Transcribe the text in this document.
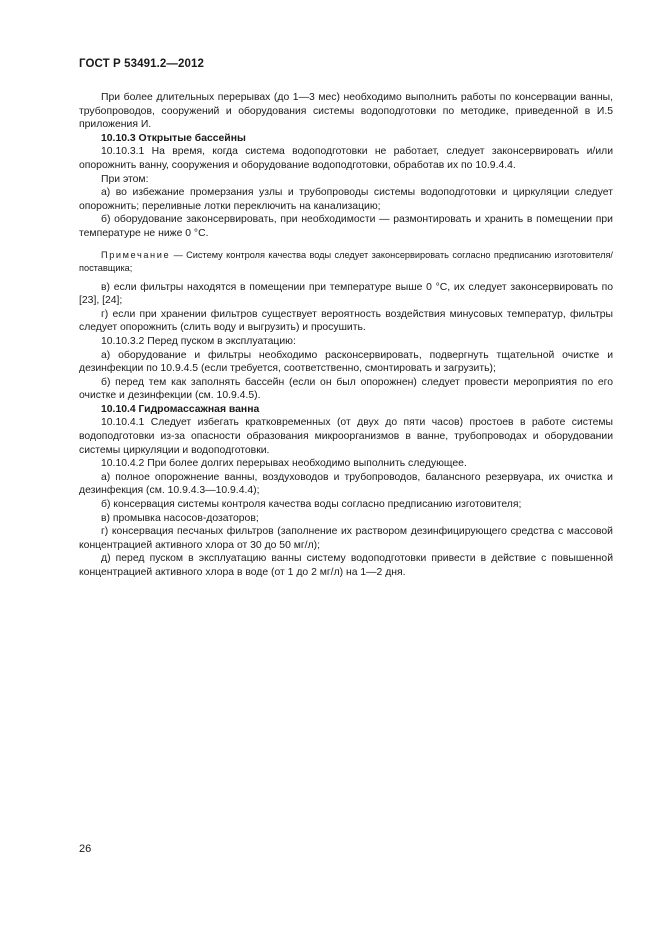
ГОСТ Р 53491.2—2012

При более длительных перерывах (до 1—3 мес) необходимо выполнить работы по консервации ванны, трубопроводов, сооружений и оборудования системы водоподготовки по методике, приведенной в И.5 приложения И.

10.10.3 Открытые бассейны

10.10.3.1 На время, когда система водоподготовки не работает, следует законсервировать и/или опорожнить ванну, сооружения и оборудование водоподготовки, обработав их по 10.9.4.4.

При этом:

а) во избежание промерзания узлы и трубопроводы системы водоподготовки и циркуляции следует опорожнить; переливные лотки переключить на канализацию;

б) оборудование законсервировать, при необходимости — размонтировать и хранить в помещении при температуре не ниже 0 °С.

Примечание — Систему контроля качества воды следует законсервировать согласно предписанию изготовителя/поставщика;

в) если фильтры находятся в помещении при температуре выше 0 °С, их следует законсервировать по [23], [24];

г) если при хранении фильтров существует вероятность воздействия минусовых температур, фильтры следует опорожнить (слить воду и выгрузить) и просушить.

10.10.3.2 Перед пуском в эксплуатацию:

а) оборудование и фильтры необходимо расконсервировать, подвергнуть тщательной очистке и дезинфекции по 10.9.4.5 (если требуется, соответственно, смонтировать и загрузить);

б) перед тем как заполнять бассейн (если он был опорожнен) следует провести мероприятия по его очистке и дезинфекции (см. 10.9.4.5).

10.10.4 Гидромассажная ванна

10.10.4.1 Следует избегать кратковременных (от двух до пяти часов) простоев в работе системы водоподготовки из-за опасности образования микроорганизмов в ванне, трубопроводах и оборудовании системы циркуляции и водоподготовки.

10.10.4.2 При более долгих перерывах необходимо выполнить следующее.

а) полное опорожнение ванны, воздуховодов и трубопроводов, балансного резервуара, их очистка и дезинфекция (см. 10.9.4.3—10.9.4.4);

б) консервация системы контроля качества воды согласно предписанию изготовителя;

в) промывка насосов-дозаторов;

г) консервация песчаных фильтров (заполнение их раствором дезинфицирующего средства с массовой концентрацией активного хлора от 30 до 50 мг/л);

д) перед пуском в эксплуатацию ванны систему водоподготовки привести в действие с повышенной концентрацией активного хлора в воде (от 1 до 2 мг/л) на 1—2 дня.

26
